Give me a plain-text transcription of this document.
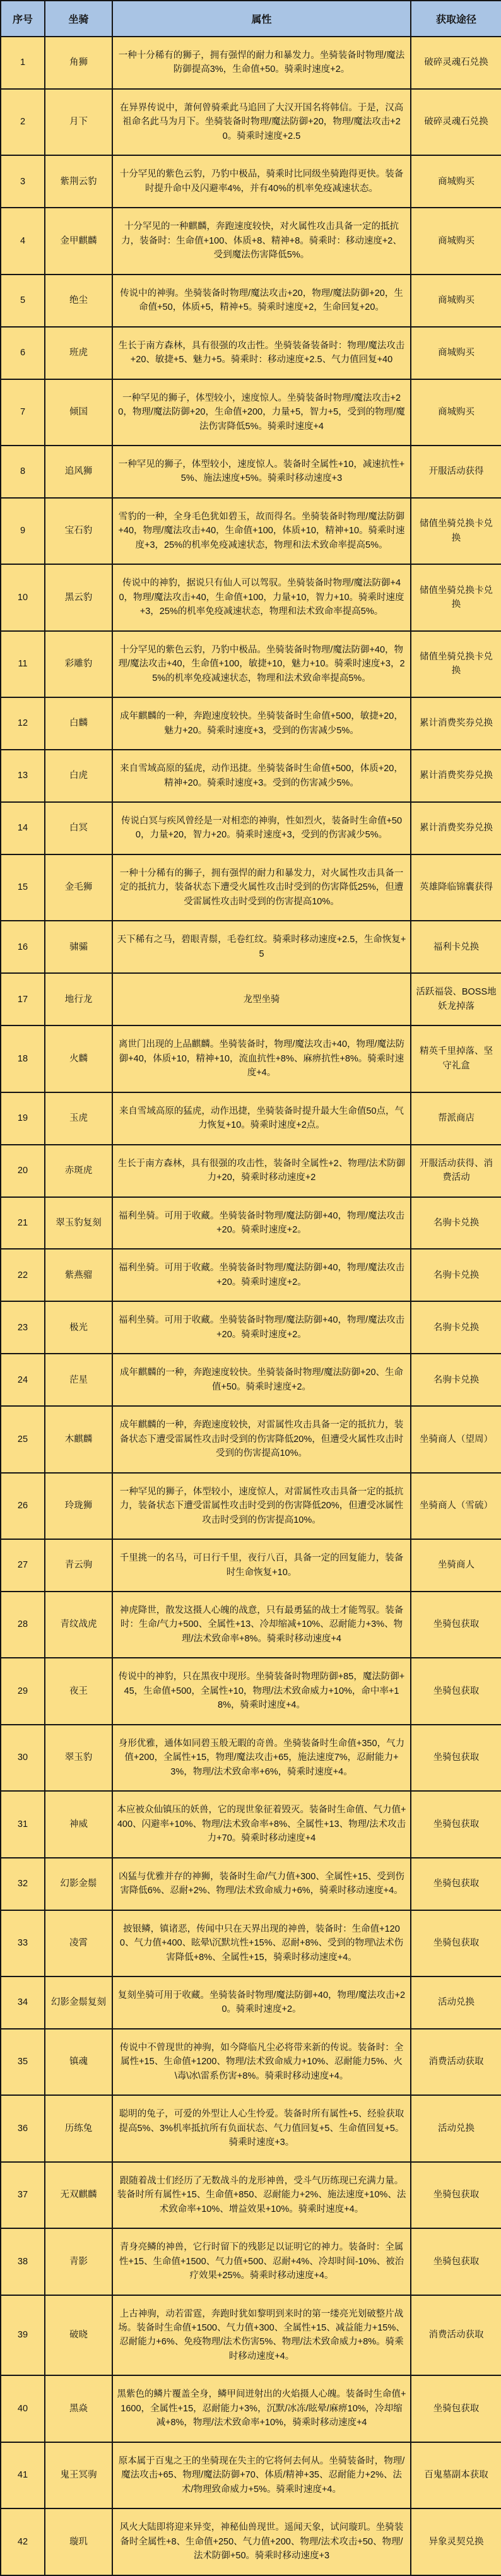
序号	坐骑	属性	获取途径
1	角狮	一种十分稀有的狮子，拥有强悍的耐力和暴发力。坐骑装备时物理/魔法防御提高3%，生命值+50。骑乘时速度+2。	破碎灵魂石兑换
2	月下	在异界传说中，萧何曾骑乘此马追回了大汉开国名将韩信。于是，汉高祖命名此马为月下。坐骑装备时物理/魔法防御+20，物理/魔法攻击+20。骑乘时速度+2.5	破碎灵魂石兑换
3	紫荆云豹	十分罕见的紫色云豹，乃豹中极品，骑乘时比同级坐骑跑得更快。装备时提升命中及闪避率4%，并有40%的机率免疫减速状态。	商城购买
4	金甲麒麟	十分罕见的一种麒麟，奔跑速度较快，对火属性攻击具备一定的抵抗力，装备时：生命值+100、体质+8、精神+8。骑乘时：移动速度+2、受到魔法伤害降低5%。	商城购买
5	绝尘	传说中的神驹。坐骑装备时物理/魔法攻击+20，物理/魔法防御+20，生命值+50，体质+5，精神+5。骑乘时速度+2，生命回复+20。	商城购买
6	班虎	生长于南方森林，具有很强的攻击性。坐骑装备装备时：物理/魔法攻击+20、敏捷+5、魅力+5。骑乘时：移动速度+2.5、气力值回复+40	商城购买
7	倾国	一种罕见的狮子，体型较小，速度惊人。坐骑装备时物理/魔法攻击+20，物理/魔法防御+20，生命值+200，力量+5，智力+5，受到的物理/魔法伤害降低5%。骑乘时速度+4	商城购买
8	追风狮	一种罕见的狮子，体型较小，速度惊人。装备时全属性+10，减速抗性+5%、施法速度+5%。骑乘时移动速度+3	开服活动获得
9	宝石豹	雪豹的一种，全身毛色犹如碧玉，故而得名。坐骑装备时物理/魔法防御+40，物理/魔法攻击+40，生命值+100，体质+10，精神+10。骑乘时速度+3，25%的机率免疫减速状态，物理和法术致命率提高5%。	储值坐骑兑换卡兑换
10	黑云豹	传说中的神豹，据说只有仙人可以驾驭。坐骑装备时物理/魔法防御+40，物理/魔法攻击+40，生命值+100，力量+10，智力+10。骑乘时速度+3，25%的机率免疫减速状态，物理和法术致命率提高5%。	储值坐骑兑换卡兑换
11	彩雕豹	十分罕见的紫色云豹，乃豹中极品。坐骑装备时物理/魔法防御+40，物理/魔法攻击+40，生命值+100，敏捷+10，魅力+10。骑乘时速度+3，25%的机率免疫减速状态，物理和法术致命率提高5%。	储值坐骑兑换卡兑换
12	白麟	成年麒麟的一种，奔跑速度较快。坐骑装备时生命值+500，敏捷+20，魅力+20。骑乘时速度+3，受到的伤害减少5%。	累计消费奖券兑换
13	白虎	来自雪域高原的猛虎，动作迅捷。坐骑装备时生命值+500，体质+20，精神+20。骑乘时速度+3。受到的伤害减少5%。	累计消费奖券兑换
14	白冥	传说白冥与疾风曾经是一对相恋的神驹，性如烈火，装备时生命值+500，力量+20，智力+20。骑乘时速度+3，受到的伤害减少5%。	累计消费奖券兑换
15	金毛狮	一种十分稀有的狮子，拥有强悍的耐力和暴发力，对火属性攻击具备一定的抵抗力，装备状态下遭受火属性攻击时受到的伤害降低25%，但遭受雷属性攻击时受到的伤害提高10%。	英雄降临锦囊获得
16	骕骦	天下稀有之马，碧眼青鬃，毛卷红纹。骑乘时移动速度+2.5，生命恢复+5	福利卡兑换
17	地行龙	龙型坐骑	活跃福袋、BOSS地妖龙掉落
18	火麟	离世门出现的上品麒麟。坐骑装备时，物理/魔法攻击+40，物理/魔法防御+40，体质+10，精神+10，流血抗性+8%、麻痹抗性+8%。骑乘时速度+4。	精英千里掉落、坚守礼盒
19	玉虎	来自雪域高原的猛虎，动作迅捷，坐骑装备时提升最大生命值50点，气力恢复+10。骑乘时速度+2点。	帮派商店
20	赤斑虎	生长于南方森林，具有很强的攻击性，装备时全属性+2、物理/法术防御力+20，骑乘时移动速度+2	开服活动获得、消费活动
21	翠玉豹复刻	福利坐骑。可用于收藏。坐骑装备时物理/魔法防御+40，物理/魔法攻击+20。骑乘时速度+2。	名驹卡兑换
22	紫燕骝	福利坐骑。可用于收藏。坐骑装备时物理/魔法防御+40，物理/魔法攻击+20。骑乘时速度+2。	名驹卡兑换
23	极光	福利坐骑。可用于收藏。坐骑装备时物理/魔法防御+40，物理/魔法攻击+20。骑乘时速度+2。	名驹卡兑换
24	茫星	成年麒麟的一种，奔跑速度较快。坐骑装备时物理/魔法防御+20、生命值+50。骑乘时速度+2。	名驹卡兑换
25	木麒麟	成年麒麟的一种，奔跑速度较快，对雷属性攻击具备一定的抵抗力，装备状态下遭受雷属性攻击时受到的伤害降低20%，但遭受火属性攻击时受到的伤害提高10%。	坐骑商人（望周）
26	玲珑狮	一种罕见的狮子，体型较小，速度惊人，对雷属性攻击具备一定的抵抗力，装备状态下遭受雷属性攻击时受到的伤害降低20%，但遭受冰属性攻击时受到的伤害提高10%。	坐骑商人（雪硫）
27	青云驹	千里挑一的名马，可日行千里，夜行八百，具备一定的回复能力，装备时生命恢复+10。	坐骑商人
28	青纹战虎	神虎降世，散发这摄人心魄的战意，只有最勇猛的战士才能驾驭。装备时：生命/气力+500、全属性+13、冷却缩减+10%、忍耐能力+3%、物理/法术致命率+8%。骑乘时移动速度+4	坐骑包获取
29	夜王	传说中的神豹，只在黑夜中现形。坐骑装备时物理防御+85，魔法防御+45，生命值+500，全属性+10，物理/法术致命威力+10%，命中率+18%，骑乘时速度+4。	坐骑包获取
30	翠玉豹	身形优雅，通体如同碧玉般无暇的奇兽。坐骑装备时生命值+350，气力值+200，全属性+15，物理/魔法攻击+65，施法速度7%，忍耐能力+3%，物理/法术致命率+6%，骑乘时速度+4。	坐骑包获取
31	神威	本应被众仙镇压的妖兽，它的现世象征着毁灭。装备时生命值、气力值+400、闪避率+10%、物理/法术致命率+8%、全属性+13、物理/法术攻击力+70。骑乘时移动速度+4	坐骑包获取
32	幻影金鬃	凶猛与优雅并存的神狮，装备时生命/气力值+300、全属性+15、受到伤害降低6%、忍耐+2%、物理/法术致命威力+6%，骑乘时移动速度+4。	坐骑包获取
33	凌霄	披银鳞，镇诸恶，传闻中只在天界出现的神兽，装备时：生命值+1200、气力值+400、眩晕\沉默坑性+15%、忍耐+8%、受到的物理\法术伤害降低+8%、全属性+15，骑乘时移动速度+4。	坐骑包获取
34	幻影金鬃复刻	复刻坐骑可用于收藏。坐骑装备时物理/魔法防御+40，物理/魔法攻击+20。骑乘时速度+2。	活动兑换
35	镇魂	传说中不曾现世的神驹，如今降临凡尘必将带来新的传说。装备时：全属性+15、生命值+1200、物理/法术致命威力+10%、忍耐能力5%、火\毒\冰\雷系伤害+8%。骑乘时移动速度+4。	消费活动获取
36	历练兔	聪明的兔子，可爱的外型让人心生怜爱。装备时所有属性+5、经验获取提高5%、3%机率抵抗所有负面状态、气力值回复+5、生命值回复+5。骑乘时速度+3。	活动兑换
37	无双麒麟	跟随着战士们经历了无数战斗的龙形神兽，受斗气历练现已充满力量。装备时所有属性+15、生命值+850、忍耐能力+2%、施法速度+10%、法术致命率+10%、增益效果+10%。骑乘时速度+4。	坐骑包获取
38	青影	青身亮鳞的神兽，它行时留下的残影足以证明它的神力。装备时：全属性+15、生命值+1500、气力值+500、忍耐+4%、冷却时间-10%、被治疗效果+25%。骑乘时移动速度+4。	坐骑包获取
39	破晓	上古神驹，动若雷霆，奔跑时犹如黎明到来时的第一缕亮光划破整片战场。装备时生命值+1500、气力值+300、全属性+15、减益能力+15%、忍耐能力+6%、免疫物理/法术伤害5%、物理/法术致命威力+8%。骑乘时移动速度+4。	消费活动获取
40	黑焱	黑紫色的鳞片覆盖全身，鳞甲间迸射出的火焰摄人心魄。装备时生命值+1600，全属性+15，忍耐能力+3%，沉默/冰冻/眩晕/麻痹10%，冷却缩减+8%，物理/法术致命率+10%，骑乘时移动速度+4	坐骑包获取
41	鬼王冥驹	原本属于百鬼之王的坐骑现在失主的它将何去何从。坐骑装备时，物理/魔法攻击+65、物理/魔法防御+70、体质/精神+35、忍耐能力+2%、法术/物理致命威力+5%。骑乘时速度+4。	百鬼墓副本获取
42	璇玑	风火大陆即将迎来异变，神秘仙兽现世。遥闻天象，试问璇玑。坐骑装备时全属性+8、生命值+250、气力值+200、物理/法术攻击+50、物理/法术防御+50。骑乘时移动速度+3	异象灵契兑换
